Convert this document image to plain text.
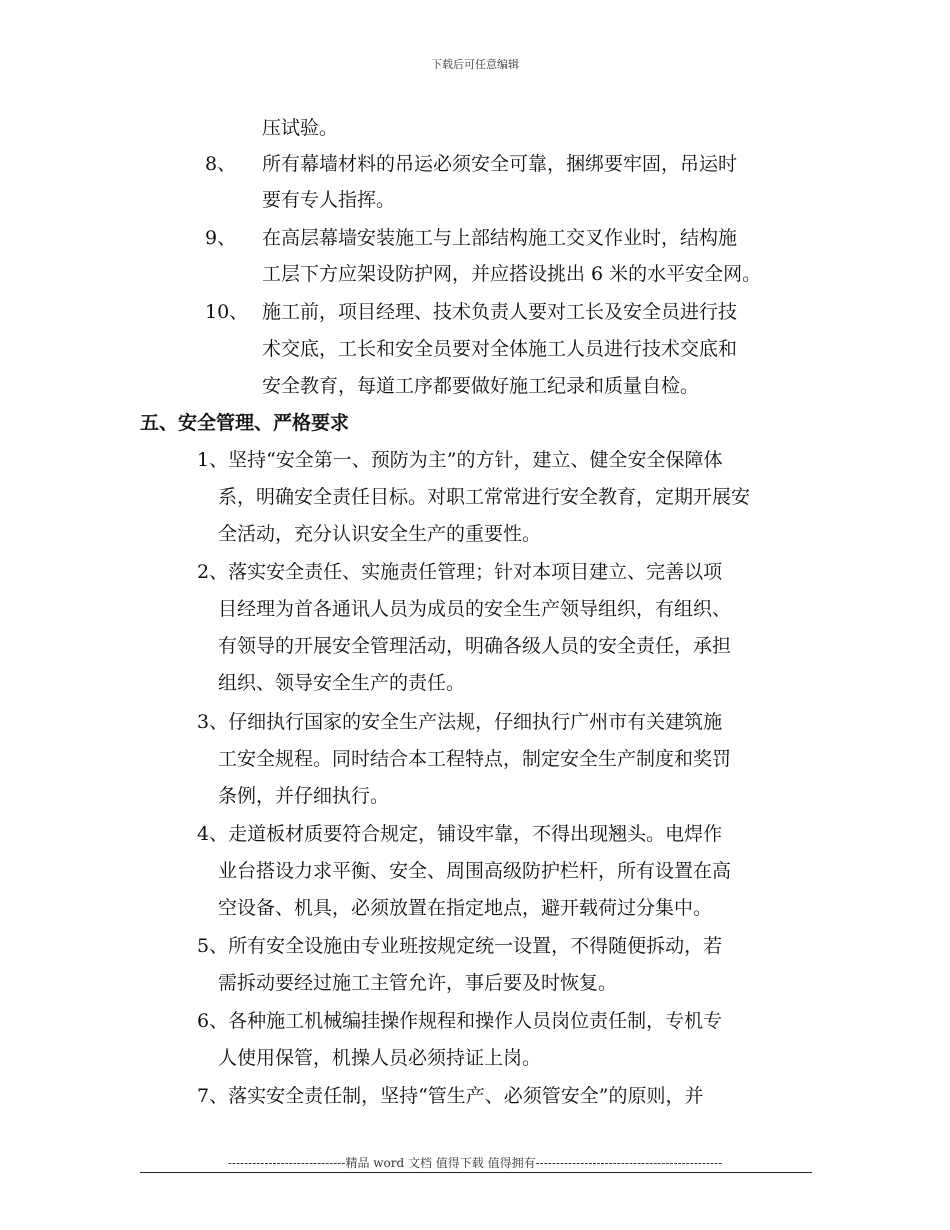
下载后可任意编辑
压试验。
8、 所有幕墙材料的吊运必须安全可靠，捆绑要牢固，吊运时
要有专人指挥。
9、 在高层幕墙安装施工与上部结构施工交叉作业时，结构施
工层下方应架设防护网，并应搭设挑出 6 米的水平安全网。
10、 施工前，项目经理、技术负责人要对工长及安全员进行技
术交底，工长和安全员要对全体施工人员进行技术交底和
安全教育，每道工序都要做好施工纪录和质量自检。
五、安全管理、严格要求
1、坚持“安全第一、预防为主”的方针，建立、健全安全保障体
系，明确安全责任目标。对职工常常进行安全教育，定期开展安
全活动，充分认识安全生产的重要性。
2、落实安全责任、实施责任管理；针对本项目建立、完善以项
目经理为首各通讯人员为成员的安全生产领导组织，有组织、
有领导的开展安全管理活动，明确各级人员的安全责任，承担
组织、领导安全生产的责任。
3、仔细执行国家的安全生产法规，仔细执行广州市有关建筑施
工安全规程。同时结合本工程特点，制定安全生产制度和奖罚
条例，并仔细执行。
4、走道板材质要符合规定，铺设牢靠，不得出现翘头。电焊作
业台搭设力求平衡、安全、周围高级防护栏杆，所有设置在高
空设备、机具，必须放置在指定地点，避开载荷过分集中。
5、所有安全设施由专业班按规定统一设置，不得随便拆动，若
需拆动要经过施工主管允许，事后要及时恢复。
6、各种施工机械编挂操作规程和操作人员岗位责任制，专机专
人使用保管，机操人员必须持证上岗。
7、落实安全责任制，坚持“管生产、必须管安全”的原则，并
-----------------------------精品 word 文档 值得下载 值得拥有----------------------------------------------
